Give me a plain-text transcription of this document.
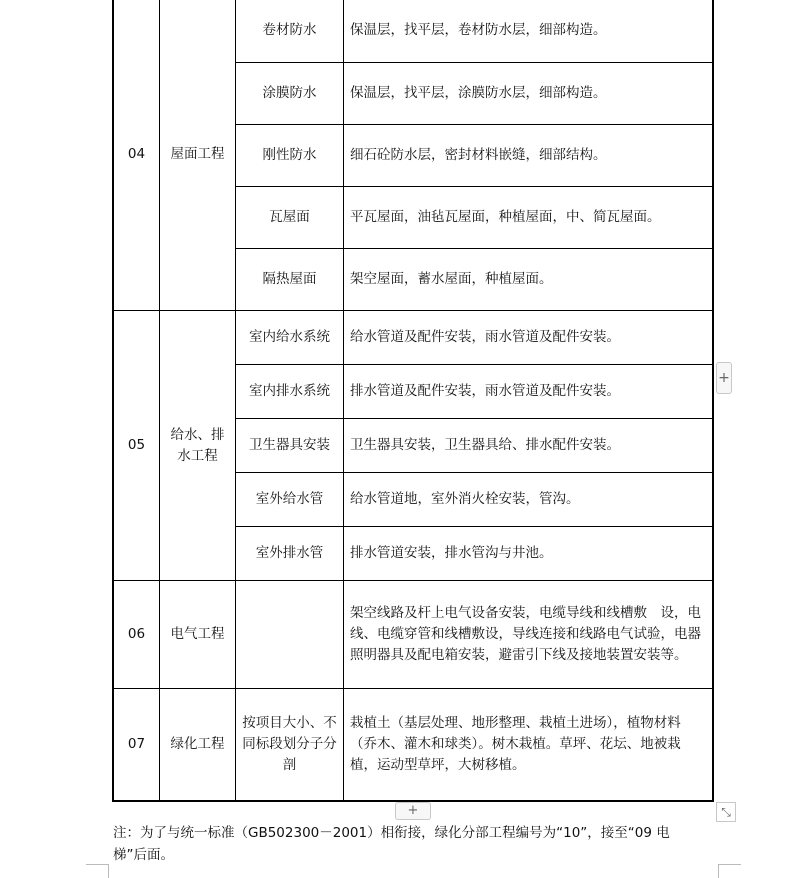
04	屋面工程	卷材防水	保温层，找平层，卷材防水层，细部构造。
		涂膜防水	保温层，找平层，涂膜防水层，细部构造。
		刚性防水	细石砼防水层，密封材料嵌缝，细部结构。
		瓦屋面	平瓦屋面，油毡瓦屋面，种植屋面，中、简瓦屋面。
		隔热屋面	架空屋面，蓄水屋面，种植屋面。
05	给水、排水工程	室内给水系统	给水管道及配件安装，雨水管道及配件安装。
		室内排水系统	排水管道及配件安装，雨水管道及配件安装。
		卫生器具安装	卫生器具安装，卫生器具给、排水配件安装。
		室外给水管	给水管道地，室外消火栓安装，管沟。
		室外排水管	排水管道安装，排水管沟与井池。
06	电气工程		架空线路及杆上电气设备安装，电缆导线和线槽敷　设，电线、电缆穿管和线槽敷设，导线连接和线路电气试验，电器照明器具及配电箱安装，避雷引下线及接地装置安装等。
07	绿化工程	按项目大小、不同标段划分子分剖	栽植土（基层处理、地形整理、栽植土进场），植物材料（乔木、灌木和球类）。树木栽植。草坪、花坛、地被栽植，运动型草坪，大树移植。
+
+	⤡
注：为了与统一标准（GB502300－2001）相衔接，绿化分部工程编号为“10”，接至“09 电梯”后面。
